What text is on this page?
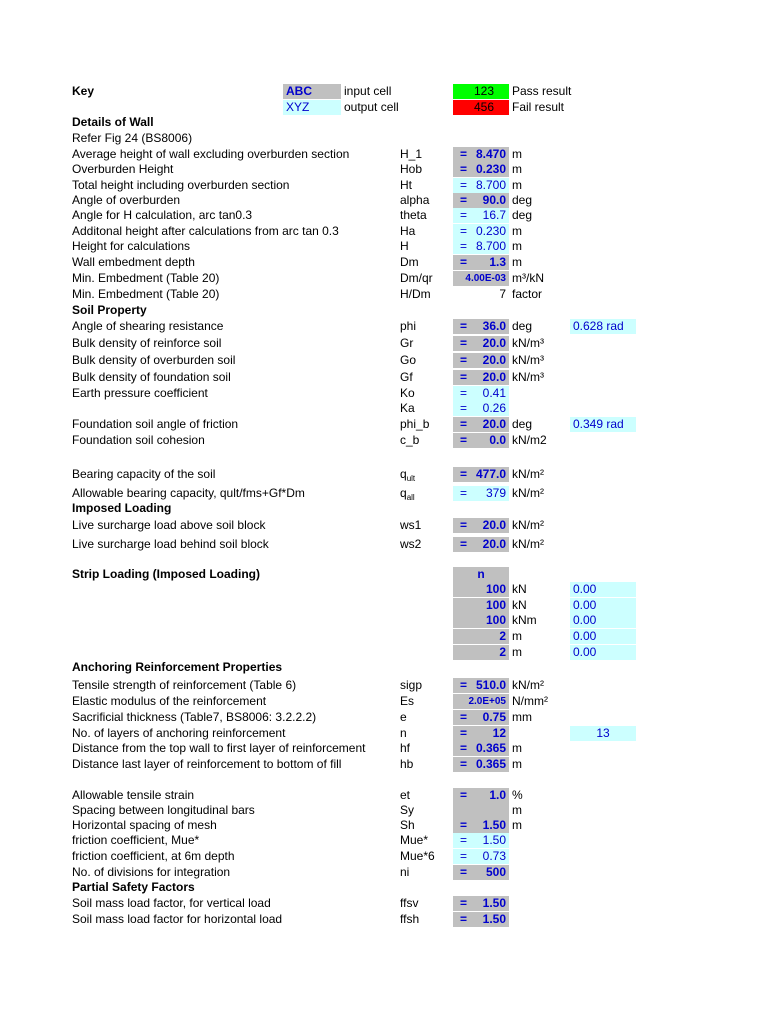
Key	ABC	input cell	123	Pass result
XYZ	output cell	456	Fail result
Details of Wall
Refer Fig 24 (BS8006)
Average height of wall excluding overburden section	H_1	= 8.470 m
Overburden Height	Hob	= 0.230 m
Total height including overburden section	Ht	= 8.700 m
Angle of overburden	alpha	= 90.0 deg
Angle for H calculation, arc tan0.3	theta	= 16.7 deg
Additonal height after calculations from arc tan 0.3	Ha	= 0.230 m
Height for calculations	H	= 8.700 m
Wall embedment depth	Dm	= 1.3 m
Min. Embedment (Table 20)	Dm/qr	4.00E-03 m³/kN
Min. Embedment (Table 20)	H/Dm	7 factor
Soil Property
Angle of shearing resistance	phi	= 36.0 deg	0.628 rad
Bulk density of reinforce soil	Gr	= 20.0 kN/m³
Bulk density of overburden soil	Go	= 20.0 kN/m³
Bulk density of foundation soil	Gf	= 20.0 kN/m³
Earth pressure coefficient	Ko	= 0.41
Ka	= 0.26
Foundation soil angle of friction	phi_b	= 20.0 deg	0.349 rad
Foundation soil cohesion	c_b	= 0.0 kN/m2
Bearing capacity of the soil	$q_{ult}$	= 477.0 kN/m²
Allowable bearing capacity, qult/fms+Gf*Dm	$q_{all}$	= 379 kN/m²
Imposed Loading
Live surcharge load above soil block	ws1	= 20.0 kN/m²
Live surcharge load behind soil block	ws2	= 20.0 kN/m²
Strip Loading (Imposed Loading)	n
100 kN	0.00
100 kN	0.00
100 kNm	0.00
2 m	0.00
2 m	0.00
Anchoring Reinforcement Properties
Tensile strength of reinforcement (Table 6)	sigp	= 510.0 kN/m²
Elastic modulus of the reinforcement	Es	2.0E+05 N/mm²
Sacrificial thickness (Table7, BS8006: 3.2.2.2)	e	= 0.75 mm
No. of layers of anchoring reinforcement	n	= 12	13
Distance from the top wall to first layer of reinforcement	hf	= 0.365 m
Distance last layer of reinforcement to bottom of fill	hb	= 0.365 m
Allowable tensile strain	et	= 1.0 %
Spacing between longitudinal bars	Sy	m
Horizontal spacing of mesh	Sh	= 1.50 m
friction coefficient, Mue*	Mue*	= 1.50
friction coefficient, at 6m depth	Mue*6	= 0.73
No. of divisions for integration	ni	= 500
Partial Safety Factors
Soil mass load factor, for vertical load	ffsv	= 1.50
Soil mass load factor for horizontal load	ffsh	= 1.50
